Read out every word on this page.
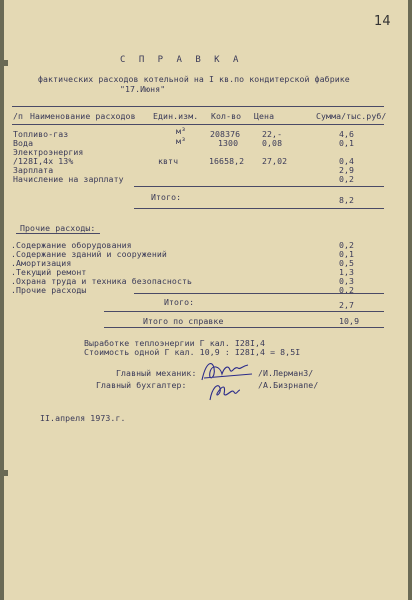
14
С П Р А В К А
фактических расходов котельной на I кв.по кондитерской фабрике
"17.Июня"
/п Наименование расходов Един.изм. Кол-во Цена	Сумма/тыс.руб/
Топливо-газ	м³	208376	22,-	4,6
Вода	м³	1300	0,08	0,1
Электроэнергия
/128I,4х 13%	квтч	16658,2 27,02	0,4
Зарплата	2,9
Начисление на зарплату	0,2
Итого:	8,2
Прочие расходы:
.Содержание оборудования	0,2
.Содержание зданий и сооружений	0,1
.Амортизация	0,5
.Текущий ремонт	1,3
.Охрана труда и техника безопасность	0,3
.Прочие расходы	0,2
Итого:	2,7
Итого по справке	10,9
Выработке теплоэнергии Г кал. I28I,4
Стоимость одной Г кал. 10,9 : I28I,4 = 8,5I
Главный механик:	/И.Лерман3/
Главный бухгалтер:	/А.Бизрнапе/
II.апреля 1973.г.
